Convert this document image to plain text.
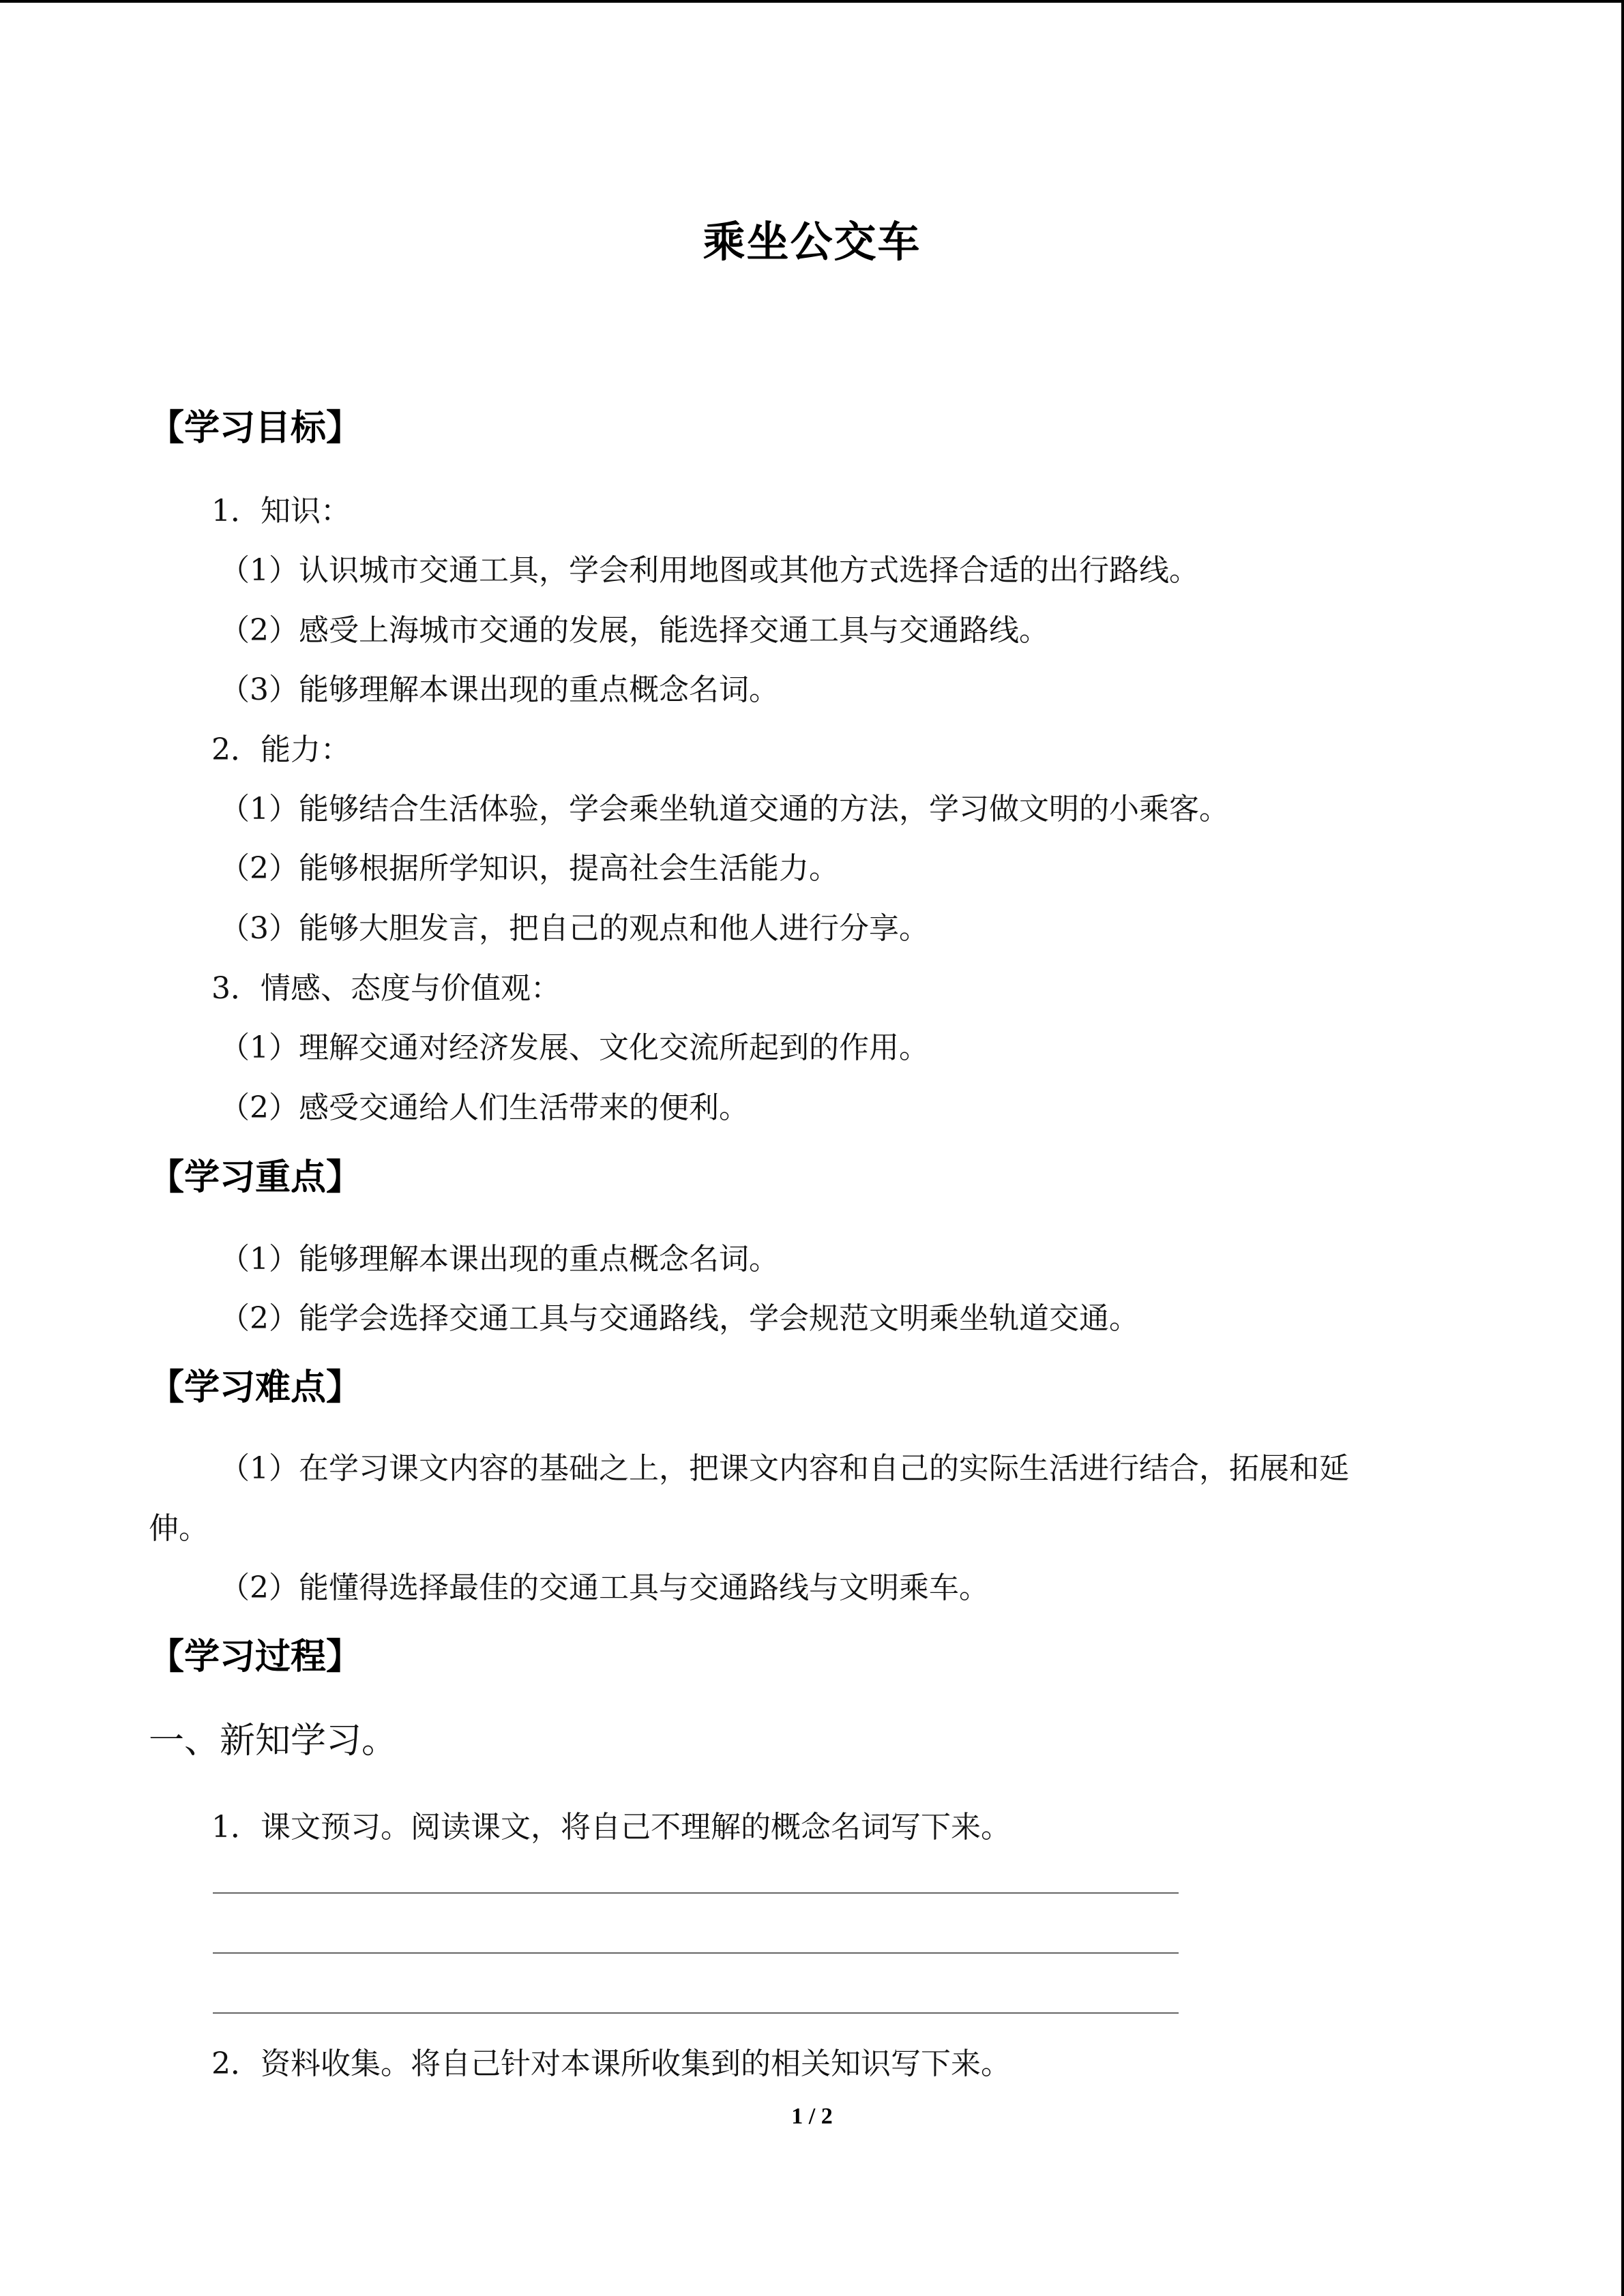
乘坐公交车
【学习目标】
1．知识：
（1）认识城市交通工具，学会利用地图或其他方式选择合适的出行路线。
（2）感受上海城市交通的发展，能选择交通工具与交通路线。
（3）能够理解本课出现的重点概念名词。
2．能力：
（1）能够结合生活体验，学会乘坐轨道交通的方法，学习做文明的小乘客。
（2）能够根据所学知识，提高社会生活能力。
（3）能够大胆发言，把自己的观点和他人进行分享。
3．情感、态度与价值观：
（1）理解交通对经济发展、文化交流所起到的作用。
（2）感受交通给人们生活带来的便利。
【学习重点】
（1）能够理解本课出现的重点概念名词。
（2）能学会选择交通工具与交通路线，学会规范文明乘坐轨道交通。
【学习难点】
（1）在学习课文内容的基础之上，把课文内容和自己的实际生活进行结合，拓展和延
伸。
（2）能懂得选择最佳的交通工具与交通路线与文明乘车。
【学习过程】
一、新知学习。
1．课文预习。阅读课文，将自己不理解的概念名词写下来。
2．资料收集。将自己针对本课所收集到的相关知识写下来。
1 / 2
